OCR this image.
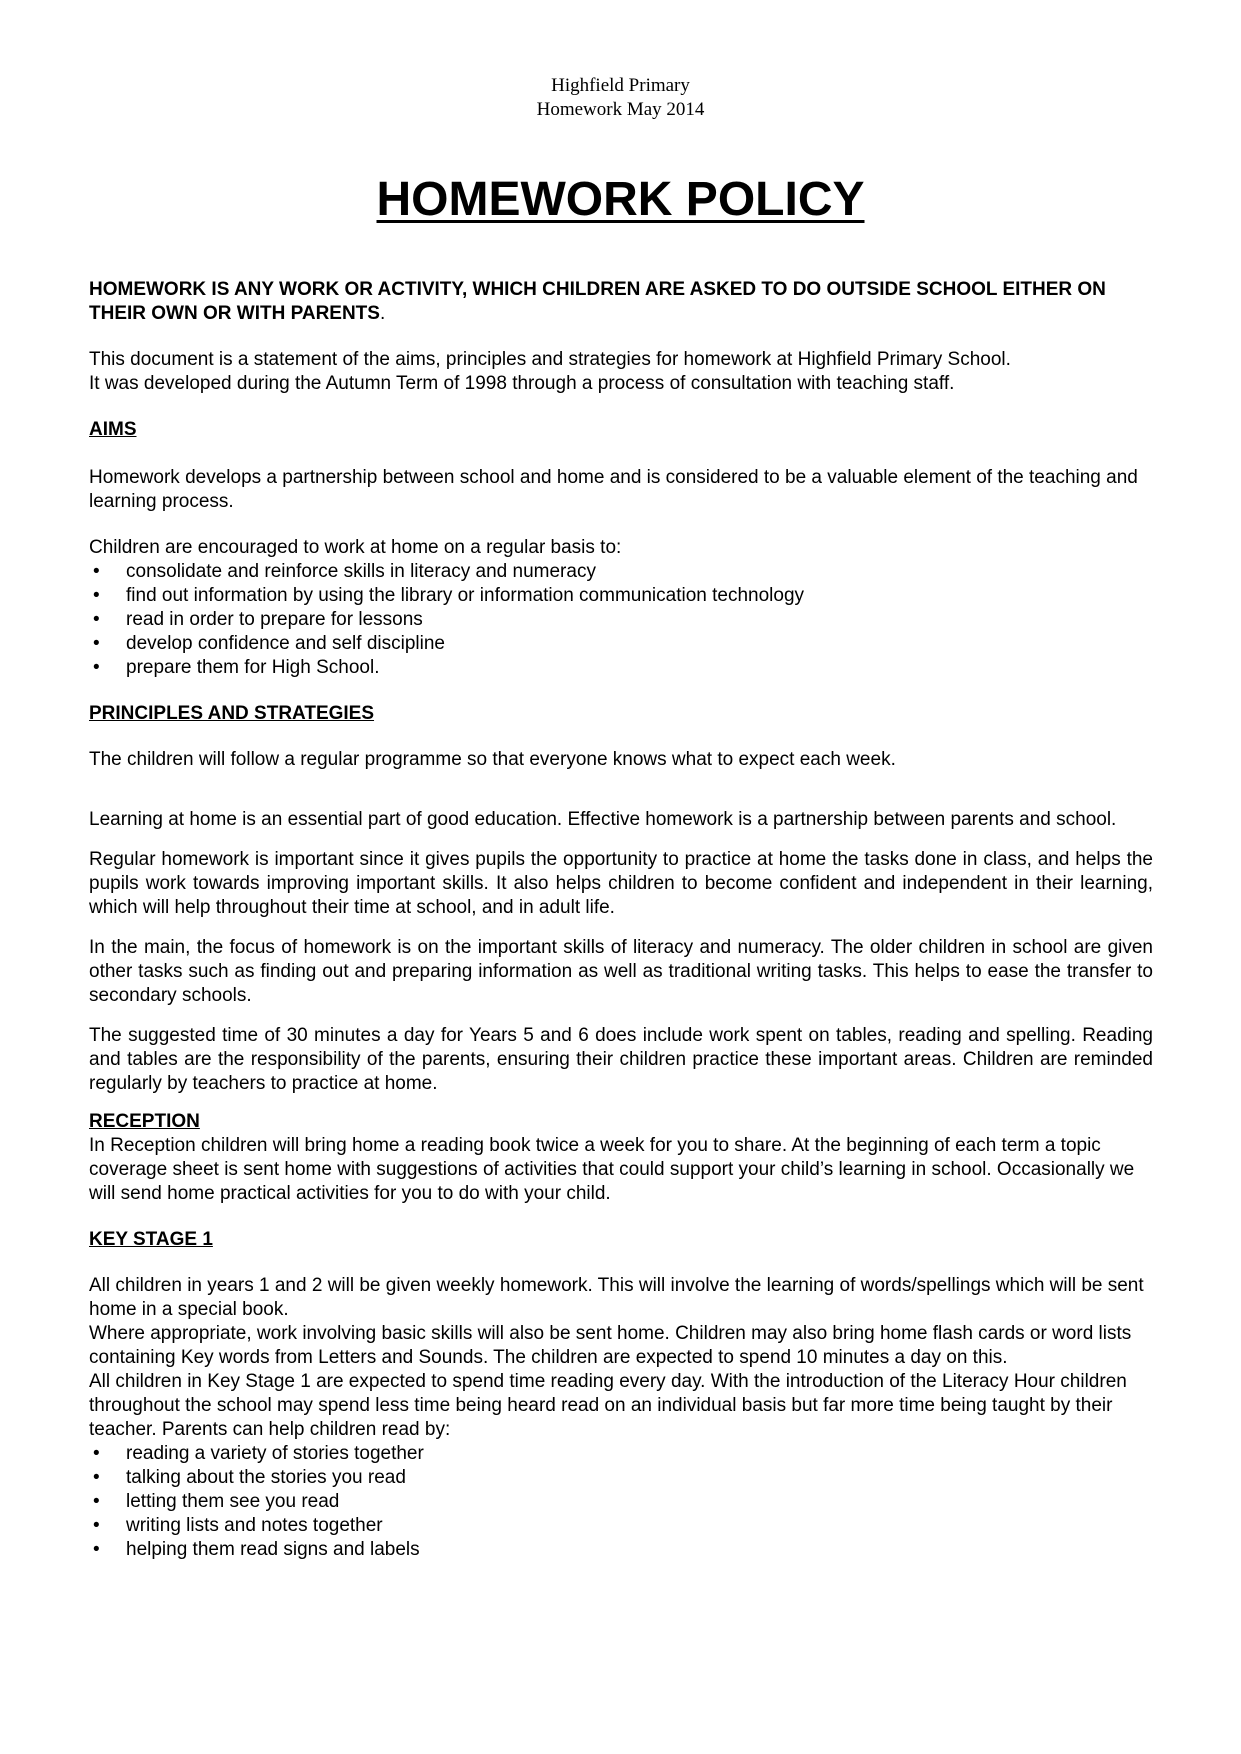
Highfield Primary
Homework May 2014
HOMEWORK POLICY

HOMEWORK IS ANY WORK OR ACTIVITY, WHICH CHILDREN ARE ASKED TO DO OUTSIDE SCHOOL EITHER ON THEIR OWN OR WITH PARENTS.

This document is a statement of the aims, principles and strategies for homework at Highfield Primary School.

It was developed during the Autumn Term of 1998 through a process of consultation with teaching staff.

AIMS

Homework develops a partnership between school and home and is considered to be a valuable element of the teaching and learning process.

Children are encouraged to work at home on a regular basis to:

• consolidate and reinforce skills in literacy and numeracy
• find out information by using the library or information communication technology
• read in order to prepare for lessons
• develop confidence and self discipline
• prepare them for High School.

PRINCIPLES AND STRATEGIES

The children will follow a regular programme so that everyone knows what to expect each week.

Learning at home is an essential part of good education. Effective homework is a partnership between parents and school.

Regular homework is important since it gives pupils the opportunity to practice at home the tasks done in class, and helps the pupils work towards improving important skills. It also helps children to become confident and independent in their learning, which will help throughout their time at school, and in adult life.

In the main, the focus of homework is on the important skills of literacy and numeracy. The older children in school are given other tasks such as finding out and preparing information as well as traditional writing tasks. This helps to ease the transfer to secondary schools.

The suggested time of 30 minutes a day for Years 5 and 6 does include work spent on tables, reading and spelling. Reading and tables are the responsibility of the parents, ensuring their children practice these important areas. Children are reminded regularly by teachers to practice at home.

RECEPTION

In Reception children will bring home a reading book twice a week for you to share. At the beginning of each term a topic coverage sheet is sent home with suggestions of activities that could support your child’s learning in school. Occasionally we will send home practical activities for you to do with your child.

KEY STAGE 1

All children in years 1 and 2 will be given weekly homework. This will involve the learning of words/spellings which will be sent home in a special book.

Where appropriate, work involving basic skills will also be sent home. Children may also bring home flash cards or word lists containing Key words from Letters and Sounds. The children are expected to spend 10 minutes a day on this.

All children in Key Stage 1 are expected to spend time reading every day. With the introduction of the Literacy Hour children throughout the school may spend less time being heard read on an individual basis but far more time being taught by their teacher. Parents can help children read by:

• reading a variety of stories together
• talking about the stories you read
• letting them see you read
• writing lists and notes together
• helping them read signs and labels
